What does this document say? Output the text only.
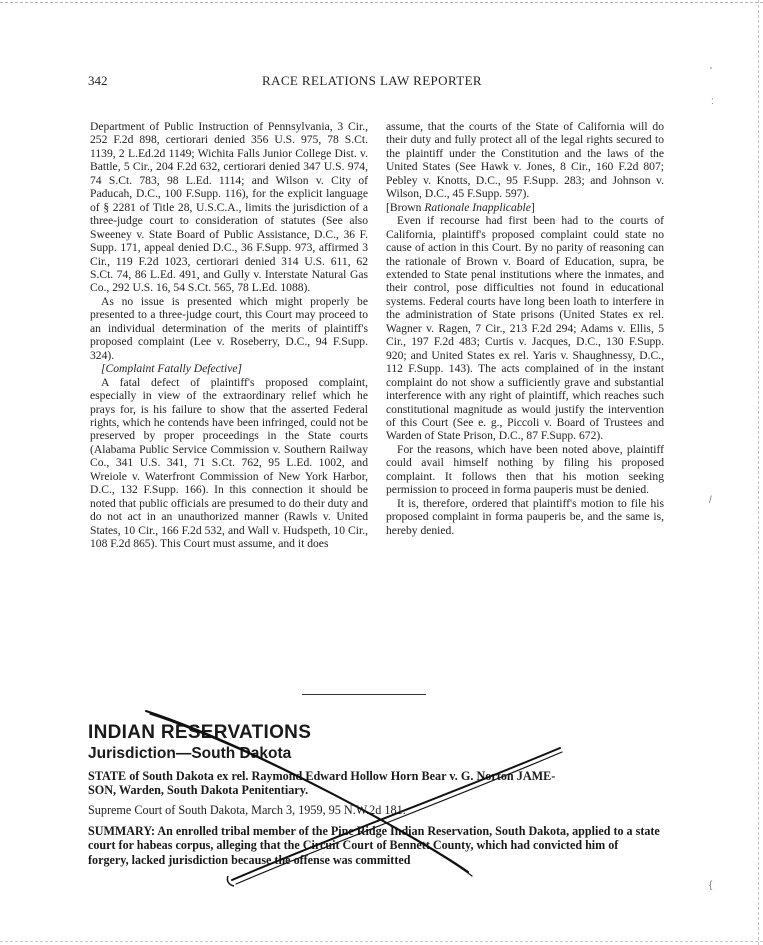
342	RACE RELATIONS LAW REPORTER

Department of Public Instruction of Pennsylvania, 3 Cir., 252 F.2d 898, certiorari denied 356 U.S. 975, 78 S.Ct. 1139, 2 L.Ed.2d 1149; Wichita Falls Junior College Dist. v. Battle, 5 Cir., 204 F.2d 632, certiorari denied 347 U.S. 974, 74 S.Ct. 783, 98 L.Ed. 1114; and Wilson v. City of Paducah, D.C., 100 F.Supp. 116), for the explicit language of § 2281 of Title 28, U.S.C.A., limits the jurisdiction of a three-judge court to consideration of statutes (See also Sweeney v. State Board of Public Assistance, D.C., 36 F. Supp. 171, appeal denied D.C., 36 F.Supp. 973, affirmed 3 Cir., 119 F.2d 1023, certiorari denied 314 U.S. 611, 62 S.Ct. 74, 86 L.Ed. 491, and Gully v. Interstate Natural Gas Co., 292 U.S. 16, 54 S.Ct. 565, 78 L.Ed. 1088).

As no issue is presented which might properly be presented to a three-judge court, this Court may proceed to an individual determination of the merits of plaintiff's proposed complaint (Lee v. Roseberry, D.C., 94 F.Supp. 324).

[Complaint Fatally Defective]

A fatal defect of plaintiff's proposed complaint, especially in view of the extraordinary relief which he prays for, is his failure to show that the asserted Federal rights, which he contends have been infringed, could not be preserved by proper proceedings in the State courts (Alabama Public Service Commission v. Southern Railway Co., 341 U.S. 341, 71 S.Ct. 762, 95 L.Ed. 1002, and Wreiole v. Waterfront Commission of New York Harbor, D.C., 132 F.Supp. 166). In this connection it should be noted that public officials are presumed to do their duty and do not act in an unauthorized manner (Rawls v. United States, 10 Cir., 166 F.2d 532, and Wall v. Hudspeth, 10 Cir., 108 F.2d 865). This Court must assume, and it does

assume, that the courts of the State of California will do their duty and fully protect all of the legal rights secured to the plaintiff under the Constitution and the laws of the United States (See Hawk v. Jones, 8 Cir., 160 F.2d 807; Pebley v. Knotts, D.C., 95 F.Supp. 283; and Johnson v. Wilson, D.C., 45 F.Supp. 597).

[Brown Rationale Inapplicable]

Even if recourse had first been had to the courts of California, plaintiff's proposed complaint could state no cause of action in this Court. By no parity of reasoning can the rationale of Brown v. Board of Education, supra, be extended to State penal institutions where the inmates, and their control, pose difficulties not found in educational systems. Federal courts have long been loath to interfere in the administration of State prisons (United States ex rel. Wagner v. Ragen, 7 Cir., 213 F.2d 294; Adams v. Ellis, 5 Cir., 197 F.2d 483; Curtis v. Jacques, D.C., 130 F.Supp. 920; and United States ex rel. Yaris v. Shaughnessy, D.C., 112 F.Supp. 143). The acts complained of in the instant complaint do not show a sufficiently grave and substantial interference with any right of plaintiff, which reaches such constitutional magnitude as would justify the intervention of this Court (See e. g., Piccoli v. Board of Trustees and Warden of State Prison, D.C., 87 F.Supp. 672).

For the reasons, which have been noted above, plaintiff could avail himself nothing by filing his proposed complaint. It follows then that his motion seeking permission to proceed in forma pauperis must be denied.

It is, therefore, ordered that plaintiff's motion to file his proposed complaint in forma pauperis be, and the same is, hereby denied.

INDIAN RESERVATIONS
Jurisdiction—South Dakota
STATE of South Dakota ex rel. Raymond Edward Hollow Horn Bear v. G. Norton JAME-
SON, Warden, South Dakota Penitentiary.
Supreme Court of South Dakota, March 3, 1959, 95 N.W.2d 181.
SUMMARY: An enrolled tribal member of the Pine Ridge Indian Reservation, South Dakota, applied to a state court for habeas corpus, alleging that the Circuit Court of Bennett County, which had convicted him of forgery, lacked jurisdiction because the offense was committed
'
:
/
{
